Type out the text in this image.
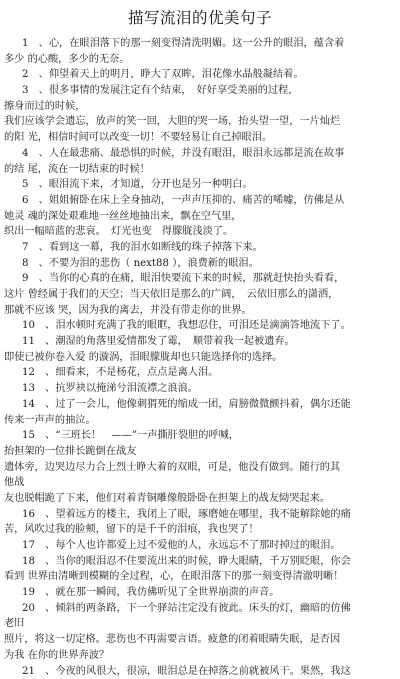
描写流泪的优美句子
1　、心，在眼泪落下的那一刻变得清洗明媚。这一公升的眼泪，蕴含着
多少 的心酸，多少的无奈。
2　、仰望着天上的明月，睁大了双眸，泪花像水晶般凝结着。
3　、很多事情的发展注定有个结束，　好好享受美丽的过程，
擦身而过的时候，
我们应该学会遗忘，放声的笑一回，大胆的哭一场，抬头望一望，一片灿烂
的阳 光，相信时间可以改变一切！不要轻易让自己掉眼泪。
4　、人在最悲痛、最恐惧的时候，并没有眼泪，眼泪永远都是流在故事
的结 尾，流在一切结束的时候！
5　、眼泪流下来，才知道，分开也是另一种明白。
6　、姐姐俯卧在床上全身抽动，一声声压抑的、痛苦的唏嘘，仿佛是从
她灵 魂的深处艰难地一丝丝地抽出来，飘在空气里，
织出一幅暗蓝的悲哀。　灯光也变　得朦胧浅淡了。
7　、看到这一幕，我的泪水如断线的珠子掉落下来。
8　、不要为泪的悲伤（ next88 ），浪费新的眼泪。
9　、当你的心真的在痛，眼泪快要流下来的时候，那就赶快抬头看看，
这片 曾经属于我们的天空；当天依旧是那么的广阔，　云依旧那么的潇洒，
那就不应该 哭，因为我的离去，并没有带走你的世界。
10　、泪水顿时充满了我的眼眶，我想忍住，可泪还是滴滴答地流下了。
11　、潮湿的角落里爱情都发了霉，　顺带着我一起被遗弃。
即使已被你卷入爱 的漩涡，泪眼朦胧却也只能选择你的选择。
12　、细看来，不是杨花，点点是离人泪。
13　、抗罗袂以掩涕兮泪流襟之浪浪。
14　、过了一会儿，他像刺猬死的缩成一团，肩膀微微颤抖着，偶尔还能
传来一声声的抽泣。
15　、“三班长！　——”一声撕肝裂胆的呼喊，
抬担架的一位排长跪倒在战友
遗体旁，边哭边尽力合上烈士睁大着的双眼，可是，他没有做到。随行的其
他战
友也脱帽跪了下来，他们对着青铜雕像般卧卧在担架上的战友恸哭起来。
16　、望着远方的楼主，我闭上了眼，琢磨她在哪里，我不能解除她的痛
苦，风吹过我的脸颊，留下的是千千的泪痕，我也哭了！
17　、每个人也许都爱上过不爱他的人，永远忘不了那时掉过的眼泪。
18　、当你的眼泪忍不住要流出来的时候，睁大眼睛，千万别眨眼，你会
看到 世界由清晰到模糊的全过程，心，在眼泪落下的那一刻变得清澈明晰！
19　、就在那一瞬间，我仿佛听见了全世界崩溃的声音。
20　、倾斜的两条路，下一个驿站注定没有彼此。床头的灯，幽暗的仿佛
老旧
照片，将这一切定格。悲伤也不再需要言语。疲惫的闭着眼睛失眠，是否因
为我 在你的世界奔波？
21　、今夜的风很大，很凉，眼泪总是在掉落之前就被风干。果然，我这
